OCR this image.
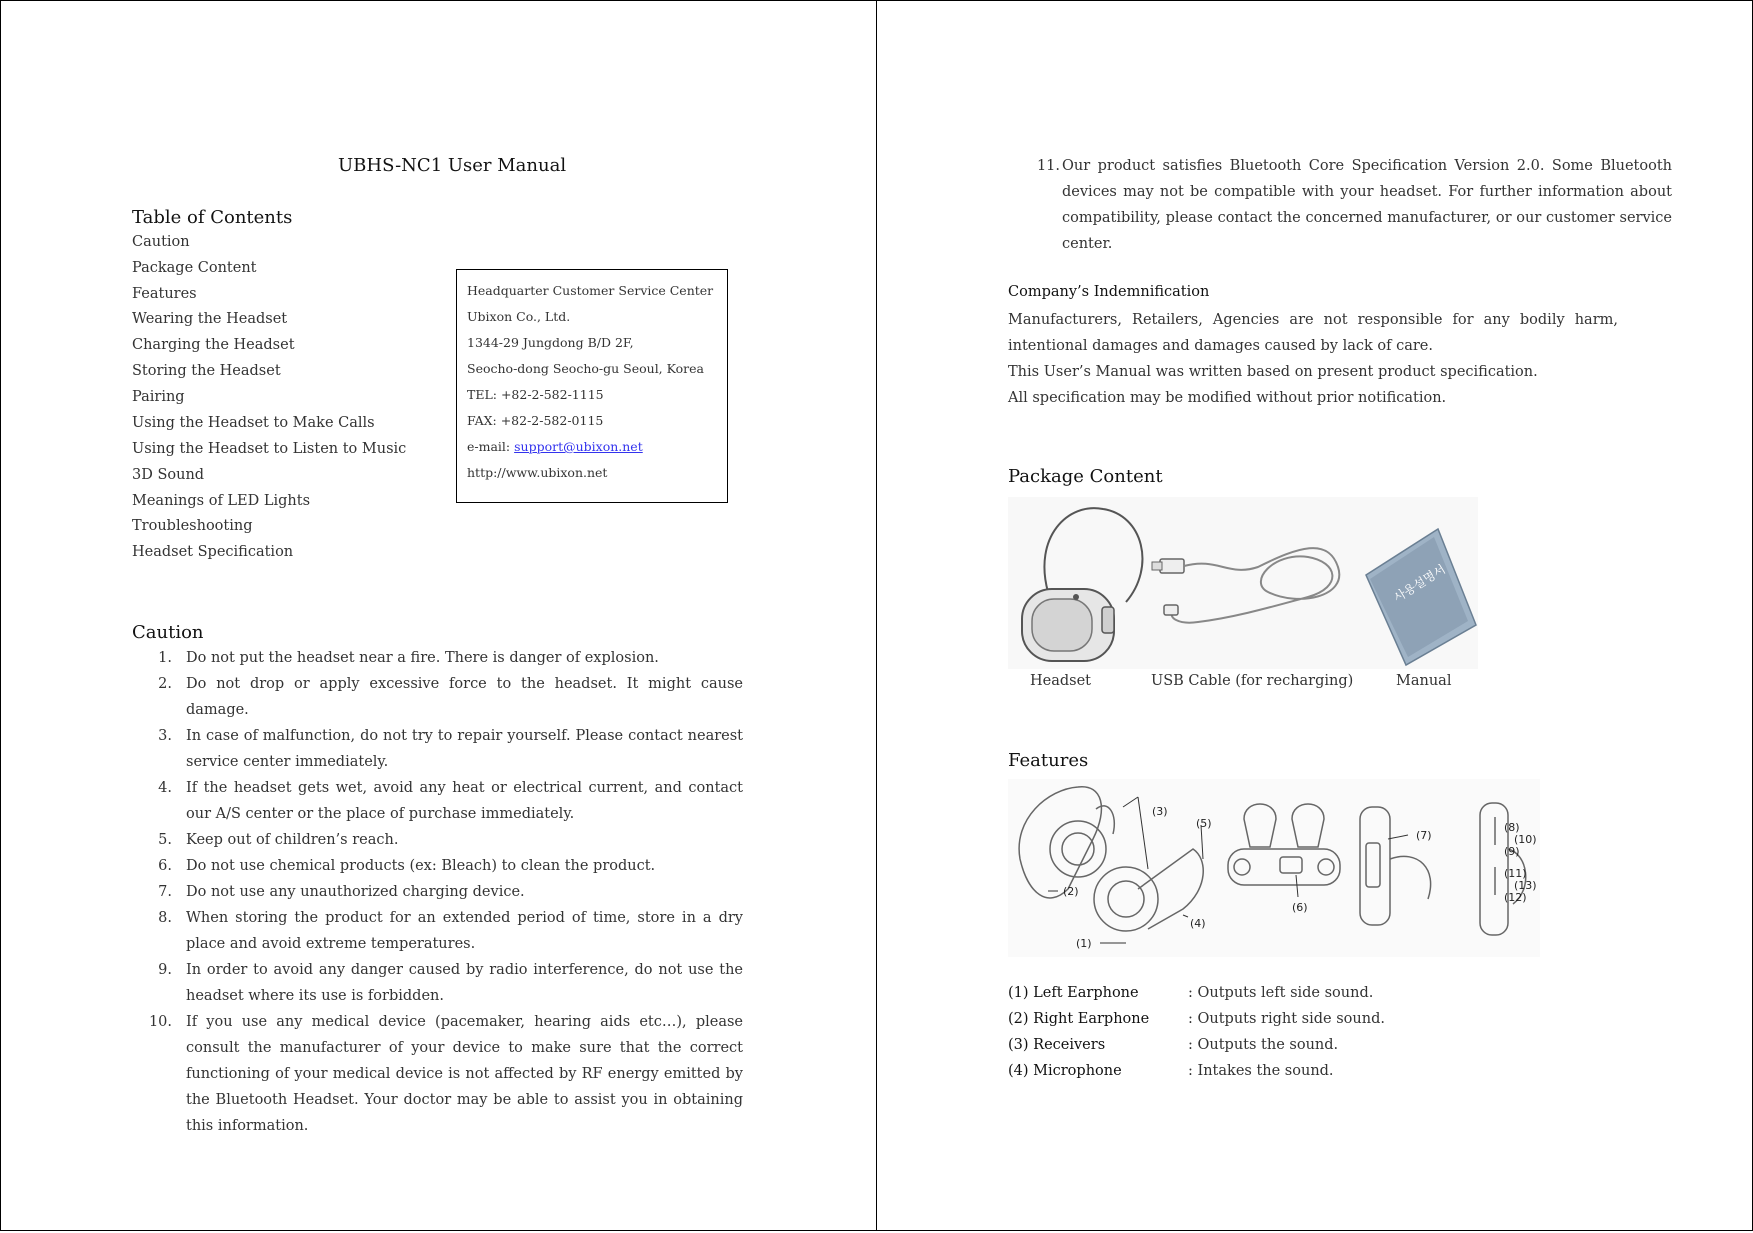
UBHS-NC1 User Manual
Table of Contents
Caution
Package Content
Features
Wearing the Headset
Charging the Headset
Storing the Headset
Pairing
Using the Headset to Make Calls
Using the Headset to Listen to Music
3D Sound
Meanings of LED Lights
Troubleshooting
Headset Specification
Headquarter Customer Service Center
Ubixon Co., Ltd.
1344-29 Jungdong B/D 2F,
Seocho-dong Seocho-gu Seoul, Korea
TEL: +82-2-582-1115
FAX: +82-2-582-0115
e-mail: support@ubixon.net
http://www.ubixon.net
Caution
1. Do not put the headset near a fire. There is danger of explosion.
2. Do not drop or apply excessive force to the headset. It might cause damage.
3. In case of malfunction, do not try to repair yourself. Please contact nearest service center immediately.
4. If the headset gets wet, avoid any heat or electrical current, and contact our A/S center or the place of purchase immediately.
5. Keep out of children’s reach.
6. Do not use chemical products (ex: Bleach) to clean the product.
7. Do not use any unauthorized charging device.
8. When storing the product for an extended period of time, store in a dry place and avoid extreme temperatures.
9. In order to avoid any danger caused by radio interference, do not use the headset where its use is forbidden.
10. If you use any medical device (pacemaker, hearing aids etc…), please consult the manufacturer of your device to make sure that the correct functioning of your medical device is not affected by RF energy emitted by the Bluetooth Headset. Your doctor may be able to assist you in obtaining this information.
11. Our product satisfies Bluetooth Core Specification Version 2.0. Some Bluetooth devices may not be compatible with your headset. For further information about compatibility, please contact the concerned manufacturer, or our customer service center.
Company’s Indemnification
Manufacturers, Retailers, Agencies are not responsible for any bodily harm, intentional damages and damages caused by lack of care.
This User’s Manual was written based on present product specification.
All specification may be modified without prior notification.
Package Content
사용설명서
Headset	USB Cable (for recharging)	Manual
Features
(3)
(5)
(2)
(4)
(1)
(6)
(7)
(8)
(9)
(10)
(11)
(12)
(13)
(1) Left Earphone	: Outputs left side sound.
(2) Right Earphone	: Outputs right side sound.
(3) Receivers	: Outputs the sound.
(4) Microphone	: Intakes the sound.
